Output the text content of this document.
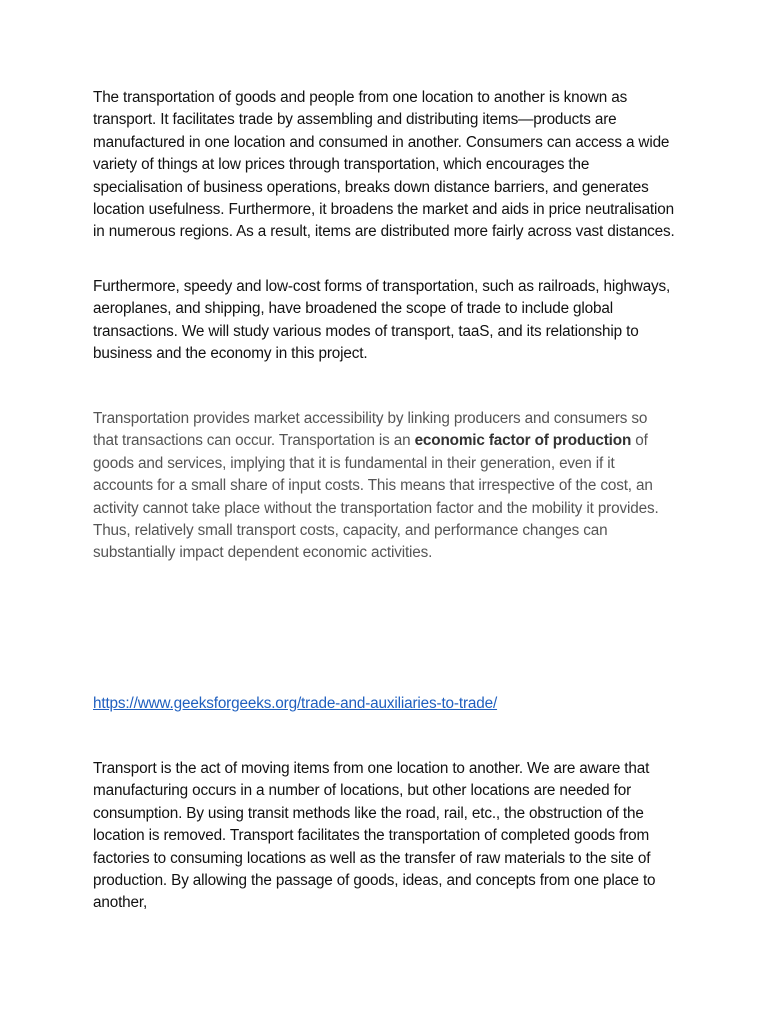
The transportation of goods and people from one location to another is known as transport. It facilitates trade by assembling and distributing items—products are manufactured in one location and consumed in another. Consumers can access a wide variety of things at low prices through transportation, which encourages the specialisation of business operations, breaks down distance barriers, and generates location usefulness. Furthermore, it broadens the market and aids in price neutralisation in numerous regions. As a result, items are distributed more fairly across vast distances.

Furthermore, speedy and low-cost forms of transportation, such as railroads, highways, aeroplanes, and shipping, have broadened the scope of trade to include global transactions. We will study various modes of transport, taaS, and its relationship to business and the economy in this project.

Transportation provides market accessibility by linking producers and consumers so that transactions can occur. Transportation is an economic factor of production of goods and services, implying that it is fundamental in their generation, even if it accounts for a small share of input costs. This means that irrespective of the cost, an activity cannot take place without the transportation factor and the mobility it provides. Thus, relatively small transport costs, capacity, and performance changes can substantially impact dependent economic activities.

https://www.geeksforgeeks.org/trade-and-auxiliaries-to-trade/

Transport is the act of moving items from one location to another. We are aware that manufacturing occurs in a number of locations, but other locations are needed for consumption. By using transit methods like the road, rail, etc., the obstruction of the location is removed. Transport facilitates the transportation of completed goods from factories to consuming locations as well as the transfer of raw materials to the site of production. By allowing the passage of goods, ideas, and concepts from one place to another,
